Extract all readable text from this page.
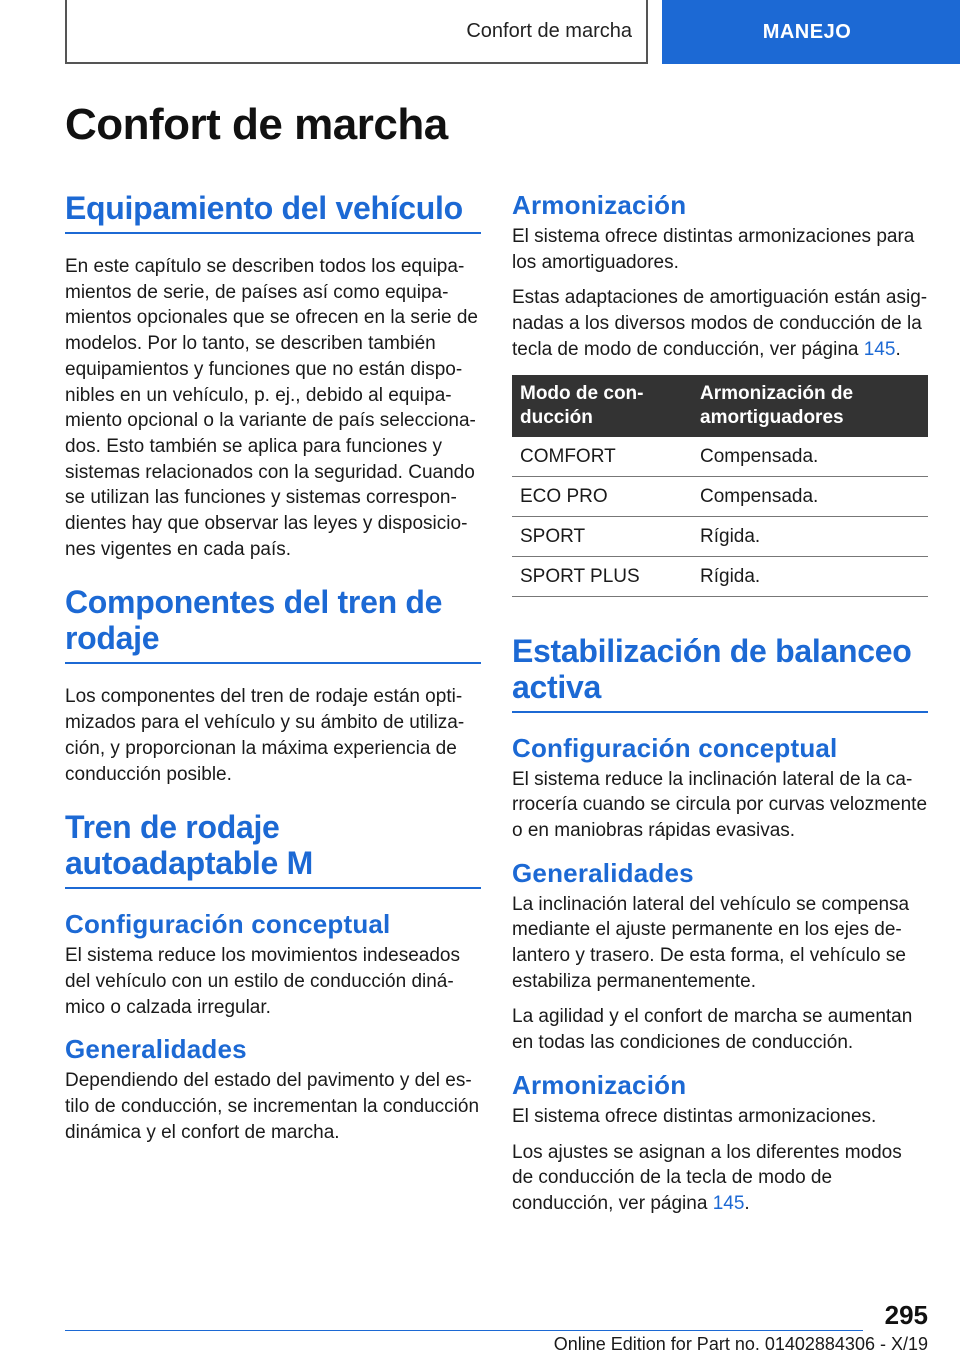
Confort de marcha	MANEJO
Confort de marcha
Equipamiento del vehículo

En este capítulo se describen todos los equipamientos de serie, de países así como equipamientos opcionales que se ofrecen en la serie de modelos. Por lo tanto, se describen también equipamientos y funciones que no están disponibles en un vehículo, p. ej., debido al equipamiento opcional o la variante de país seleccionados. Esto también se aplica para funciones y sistemas relacionados con la seguridad. Cuando se utilizan las funciones y sistemas correspondientes hay que observar las leyes y disposiciones vigentes en cada país.

Componentes del tren de rodaje

Los componentes del tren de rodaje están optimizados para el vehículo y su ámbito de utilización, y proporcionan la máxima experiencia de conducción posible.

Tren de rodaje autoadaptable M
Configuración conceptual

El sistema reduce los movimientos indeseados del vehículo con un estilo de conducción dinámico o calzada irregular.

Generalidades

Dependiendo del estado del pavimento y del estilo de conducción, se incrementan la conducción dinámica y el confort de marcha.

Armonización

El sistema ofrece distintas armonizaciones para los amortiguadores.

Estas adaptaciones de amortiguación están asignadas a los diversos modos de conducción de la tecla de modo de conducción, ver página 145.

Modo de conducción	Armonización de amortiguadores
COMFORT	Compensada.
ECO PRO	Compensada.
SPORT	Rígida.
SPORT PLUS	Rígida.
Estabilización de balanceo activa
Configuración conceptual

El sistema reduce la inclinación lateral de la carrocería cuando se circula por curvas velozmente o en maniobras rápidas evasivas.

Generalidades

La inclinación lateral del vehículo se compensa mediante el ajuste permanente en los ejes delantero y trasero. De esta forma, el vehículo se estabiliza permanentemente.

La agilidad y el confort de marcha se aumentan en todas las condiciones de conducción.

Armonización

El sistema ofrece distintas armonizaciones.

Los ajustes se asignan a los diferentes modos de conducción de la tecla de modo de conducción, ver página 145.

295
Online Edition for Part no. 01402884306 - X/19
